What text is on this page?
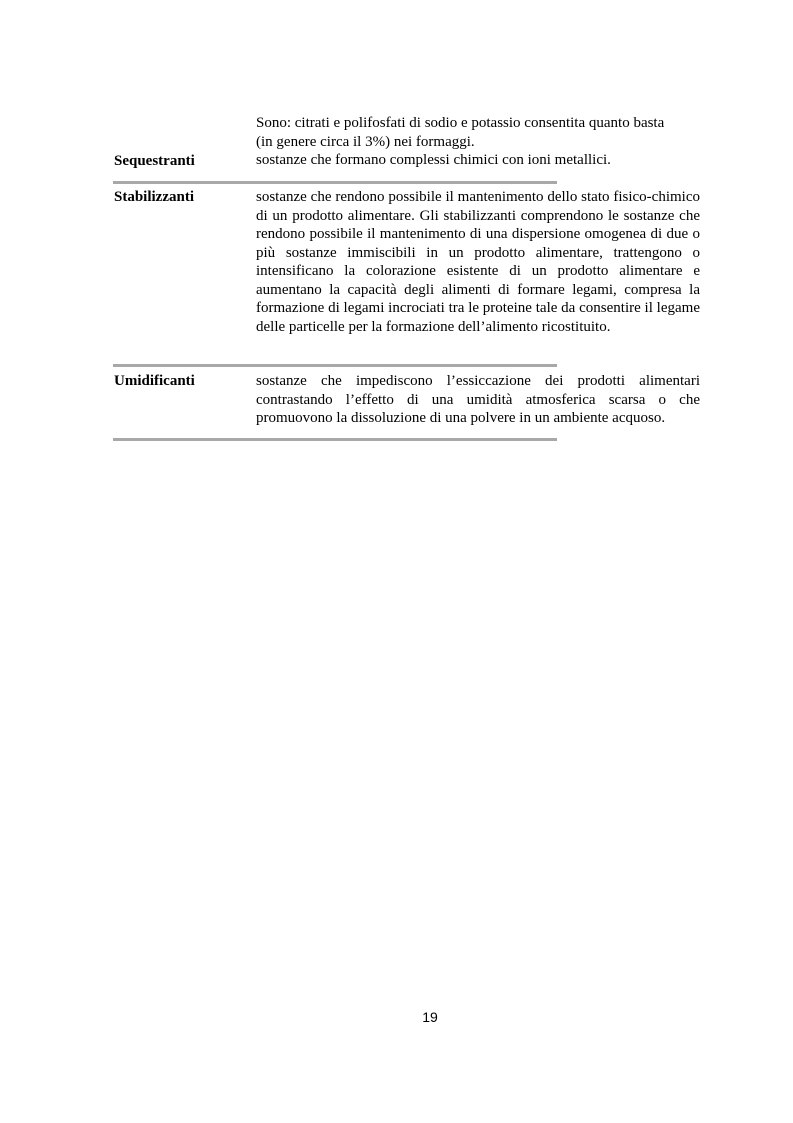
Sono: citrati e polifosfati di sodio e potassio consentita quanto basta
(in genere circa il 3%) nei formaggi.
sostanze che formano complessi chimici con ioni metallici.
Sequestranti
Stabilizzanti	sostanze che rendono possibile il mantenimento dello stato fisico-chimico di un prodotto alimentare. Gli stabilizzanti comprendono le sostanze che rendono possibile il mantenimento di una dispersione omogenea di due o più sostanze immiscibili in un prodotto alimentare, trattengono o intensificano la colorazione esistente di un prodotto alimentare e aumentano la capacità degli alimenti di formare legami, compresa la formazione di legami incrociati tra le proteine tale da consentire il legame delle particelle per la formazione dell’alimento ricostituito.
Umidificanti	sostanze che impediscono l’essiccazione dei prodotti alimentari contrastando l’effetto di una umidità atmosferica scarsa o che promuovono la dissoluzione di una polvere in un ambiente acquoso.
19
